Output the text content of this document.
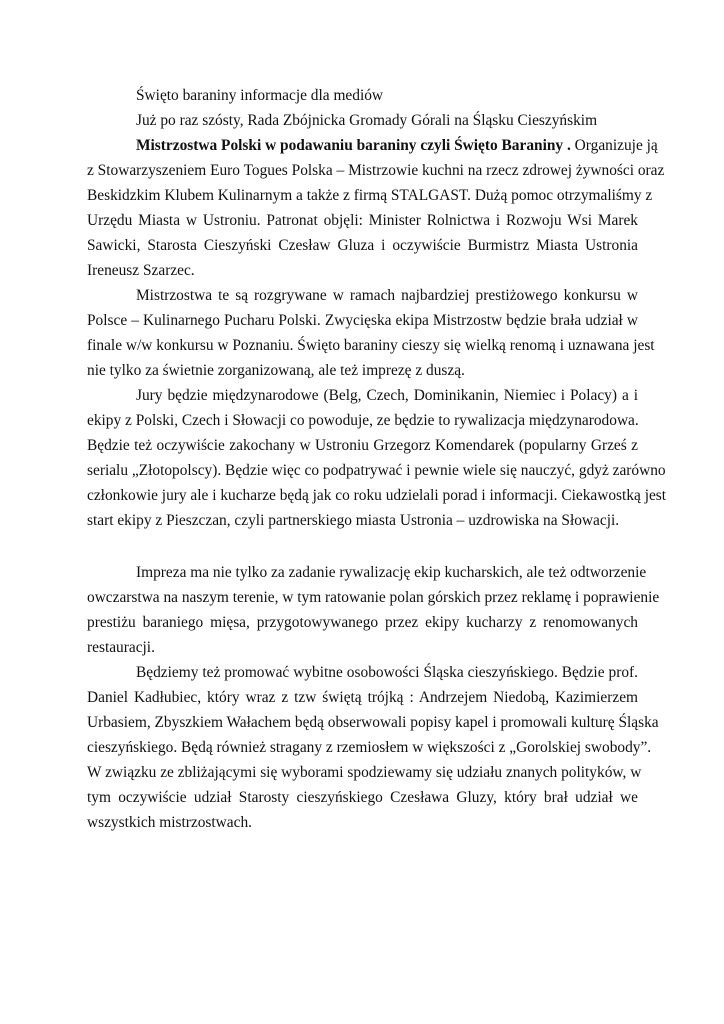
Święto baraniny informacje dla mediów
Już po raz szósty, Rada Zbójnicka Gromady Górali na Śląsku Cieszyńskim
Mistrzostwa Polski w podawaniu baraniny czyli Święto Baraniny . Organizuje ją
z Stowarzyszeniem Euro Togues Polska – Mistrzowie kuchni na rzecz zdrowej żywności oraz
Beskidzkim Klubem Kulinarnym a także z firmą STALGAST. Dużą pomoc otrzymaliśmy z
Urzędu Miasta w Ustroniu. Patronat objęli: Minister Rolnictwa i Rozwoju Wsi Marek
Sawicki, Starosta Cieszyński Czesław Gluza i oczywiście Burmistrz Miasta Ustronia
Ireneusz Szarzec.
Mistrzostwa te są rozgrywane w ramach najbardziej prestiżowego konkursu w
Polsce – Kulinarnego Pucharu Polski. Zwycięska ekipa Mistrzostw będzie brała udział w
finale w/w konkursu w Poznaniu. Święto baraniny cieszy się wielką renomą i uznawana jest
nie tylko za świetnie zorganizowaną, ale też imprezę z duszą.
Jury będzie międzynarodowe (Belg, Czech, Dominikanin, Niemiec i Polacy) a i
ekipy z Polski, Czech i Słowacji co powoduje, ze będzie to rywalizacja międzynarodowa.
Będzie też oczywiście zakochany w Ustroniu Grzegorz Komendarek (popularny Grześ z
serialu „Złotopolscy). Będzie więc co podpatrywać i pewnie wiele się nauczyć, gdyż zarówno
członkowie jury ale i kucharze będą jak co roku udzielali porad i informacji. Ciekawostką jest
start ekipy z Pieszczan, czyli partnerskiego miasta Ustronia – uzdrowiska na Słowacji.
Impreza ma nie tylko za zadanie rywalizację ekip kucharskich, ale też odtworzenie
owczarstwa na naszym terenie, w tym ratowanie polan górskich przez reklamę i poprawienie
prestiżu baraniego mięsa, przygotowywanego przez ekipy kucharzy z renomowanych
restauracji.
Będziemy też promować wybitne osobowości Śląska cieszyńskiego. Będzie prof.
Daniel Kadłubiec, który wraz z tzw świętą trójką : Andrzejem Niedobą, Kazimierzem
Urbasiem, Zbyszkiem Wałachem będą obserwowali popisy kapel i promowali kulturę Śląska
cieszyńskiego. Będą również stragany z rzemiosłem w większości z „Gorolskiej swobody”.
W związku ze zbliżającymi się wyborami spodziewamy się udziału znanych polityków, w
tym oczywiście udział Starosty cieszyńskiego Czesława Gluzy, który brał udział we
wszystkich mistrzostwach.
